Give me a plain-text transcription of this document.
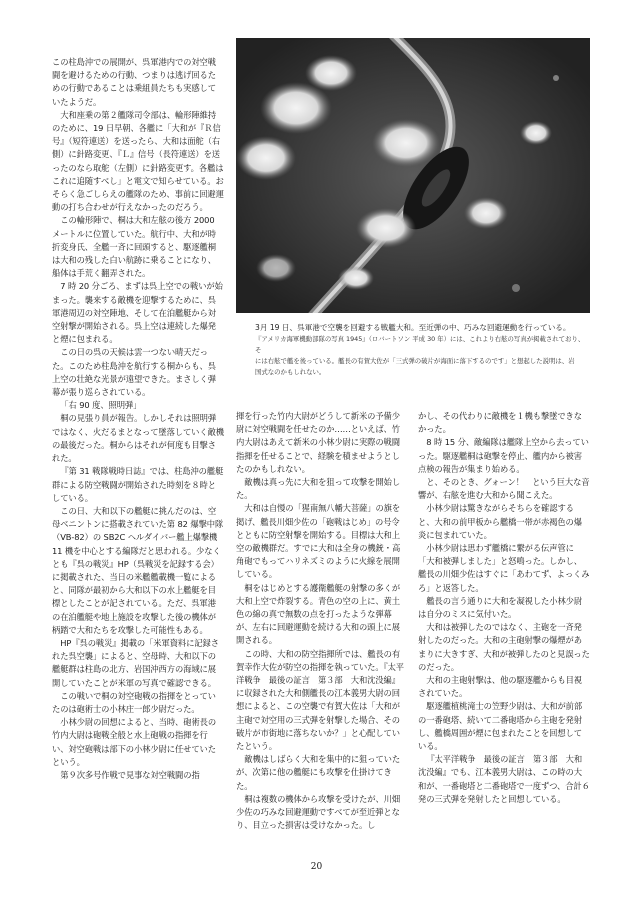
3月 19 日、呉軍港で空襲を回避する戦艦大和。至近弾の中、巧みな回避運動を行っている。

『アメリカ海軍機動部隊の写真 1945』（ロバートソン 平成 30 年）には、これより右舷の写真が掲載されており、そ

には右舷で艦を後っている。艦長の有賀大佐が「三式弾の破片が海面に落下するのです」と想起した説明は、岩

国式なのかもしれない。

この柱島沖での展開が、呉軍港内での対空戦闘を避けるための行動、つまりは逃げ回るための行動であることは乗組員たちも実感していたようだ。

大和座乗の第２艦隊司令部は、輪形陣維持のために、19 日早朝、各艦に「大和が『Ｒ信号』（短符連送）を送ったら、大和は面舵（右側）に針路変更、『Ｌ』信号（長符連送）を送ったのなら取舵（左側）に針路変更す。各艦はこれに追随すべし」と電文で知らせている。おそらく急ごしらえの艦隊のため、事前に回避運動の打ち合わせが行えなかったのだろう。

この輪形陣で、桐は大和左舷の後方 2000 メートルに位置していた。航行中、大和が時折変身氏、全艦一斉に回頭すると、駆逐艦桐は大和の残した白い航跡に乗ることになり、船体は手荒く翻弄された。

7 時 20 分ごろ、まずは呉上空での戦いが始まった。襲来する敵機を迎撃するために、呉軍港周辺の対空陣地、そして在泊艦艇から対空射撃が開始される。呉上空は連続した爆発と煙に包まれる。

この日の呉の天候は雲一つない晴天だった。このため柱島沖を航行する桐からも、呉上空の壮絶な光景が遠望できた。まさしく弾幕が張り巡らされている。

「右 90 度、照明弾」

桐の見張り員が報告。しかしそれは照明弾ではなく、火だるまとなって墜落していく敵機の最後だった。桐からはそれが何度も目撃された。

『第 31 戦隊戦時日誌』では、柱島沖の艦艇群による防空戦闘が開始された時刻を８時としている。

この日、大和以下の艦艇に挑んだのは、空母ベニントンに搭載されていた第 82 爆撃中隊（VB-82）の SB2C ヘルダイバー艦上爆撃機 11 機を中心とする編隊だと思われる。少なくとも『呉の戦災』HP（呉戦災を記録する会）に掲載された、当日の米艦艦載機一覧によると、同隊が最初から大和以下の水上艦艇を目標としたことが記されている。ただ、呉軍港の在泊艦艇や地上施設を攻撃した後の機体が柄踏で大和たちを攻撃した可能性もある。

HP『呉の戦災』掲載の「米軍資料に記録された呉空襲」によると、空母時、大和以下の艦艇群は柱島の北方、岩国沖西方の海域に展開していたことが米軍の写真で確認できる。

この戦いで桐の対空砲戦の指揮をとっていたのは砲術士の小林庄一郎少尉だった。

小林少尉の回想によると、当時、砲術長の竹内大尉は砲戦全般と水上砲戦の指揮を行い、対空砲戦は部下の小林少尉に任せていたという。

第９次多号作戦で見事な対空戦闘の指

揮を行った竹内大尉がどうして新米の予備少尉に対空戦闘を任せたのか……といえば、竹内大尉はあえて新米の小林少尉に実際の戦闘指揮を任せることで、経験を積ませようとしたのかもしれない。

敵機は真っ先に大和を狙って攻撃を開始した。

大和は自慢の「猩南無八幡大菩薩」の旗を掲げ、艦長川畑少佐の「砲戦はじめ」の号令とともに防空射撃を開始する。目標は大和上空の敵機群だ。すでに大和は全身の機銃・高角砲でもってハリネズミのように火線を展開している。

桐をはじめとする護衛艦艇の射撃の多くが大和上空で炸裂する。青色の空の上に、黄土色の綿の真で無数の点を打ったような弾幕が、左右に回避運動を続ける大和の頭上に展開される。

この時、大和の防空指揮所では、艦長の有賀幸作大佐が防空の指揮を執っていた。『太平洋戦争　最後の証言　第３部　大和沈没編』に収録された大和側艦長の江本義男大尉の回想によると、この空襲で有賀大佐は「大和が主砲で対空用の三式弾を射撃した場合、その破片が市街地に落ちないか？」と心配していたという。

敵機はしばらく大和を集中的に狙っていたが、次第に他の艦艇にも攻撃を仕掛けてきた。

桐は複数の機体から攻撃を受けたが、川畑少佐の巧みな回避運動ですべてが至近弾となり、目立った損害は受けなかった。し

かし、その代わりに敵機を１機も撃墜できなかった。

8 時 15 分、敵編隊は艦隊上空から去っていった。駆逐艦桐は砲撃を停止、艦内から被害点検の報告が集まり始める。

と、そのとき、グォーン！　という巨大な音響が、右舷を進む大和から聞こえた。

小林少尉は驚きながらそちらを確認すると、大和の前甲板から艦橋一帯が赤褐色の爆炎に包まれていた。

小林少尉は思わず艦橋に繋がる伝声管に「大和被弾しました」と怒鳴った。しかし、艦長の川畑少佐はすぐに「あわてず、よっくみろ」と返答した。

艦長の言う通りに大和を凝視した小林少尉は自分のミスに気付いた。

大和は被弾したのではなく、主砲を一斉発射したのだった。大和の主砲射撃の爆煙があまりに大きすぎ、大和が被弾したのと見誤ったのだった。

大和の主砲射撃は、他の駆逐艦からも目視されていた。

駆逐艦植桃滝士の笠野少尉は、大和が前部の一番砲塔、続いて二番砲塔から主砲を発射し、艦橋周囲が煙に包まれたことを回想している。

『太平洋戦争　最後の証言　第３部　大和沈没編』でも、江本義男大尉は、この時の大和が、一番砲塔と二番砲塔で一度ずつ、合計６発の三式弾を発射したと回想している。

20
